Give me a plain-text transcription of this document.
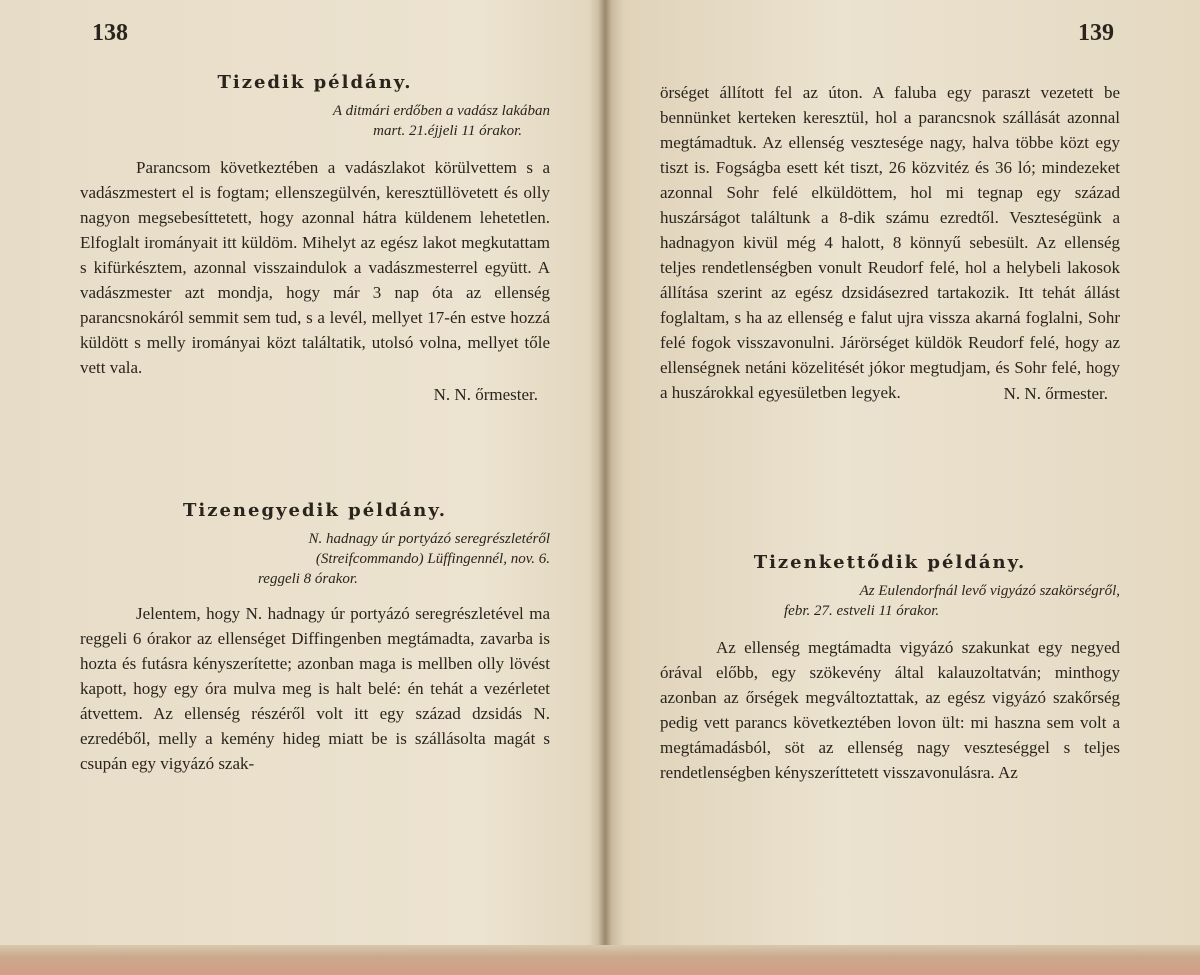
138

Tizedik példány.

A ditmári erdőben a vadász lakában

mart. 21.éjjeli 11 órakor.

Parancsom következtében a vadászlakot körülvettem s a vadászmestert el is fogtam; ellenszegülvén, keresztüllövetett és olly nagyon megsebesíttetett, hogy azonnal hátra küldenem lehetetlen. Elfoglalt irományait itt küldöm. Mihelyt az egész lakot megkutattam s kifürkésztem, azonnal visszaindulok a vadászmesterrel együtt. A vadászmester azt mondja, hogy már 3 nap óta az ellenség parancsnokáról semmit sem tud, s a levél, mellyet 17-én estve hozzá küldött s melly irományai közt találtatik, utolsó volna, mellyet tőle vett vala.

N. N. őrmester.

Tizenegyedik példány.

N. hadnagy úr portyázó seregrészletéről

(Streifcommando) Lüffingennél, nov. 6.

reggeli 8 órakor.

Jelentem, hogy N. hadnagy úr portyázó seregrészletével ma reggeli 6 órakor az ellenséget Diffingenben megtámadta, zavarba is hozta és futásra kényszerítette; azonban maga is mellben olly lövést kapott, hogy egy óra mulva meg is halt belé: én tehát a vezérletet átvettem. Az ellenség részéről volt itt egy század dzsidás N. ezredéből, melly a kemény hideg miatt be is szállásolta magát s csupán egy vigyázó szak-

139

örséget állított fel az úton. A faluba egy paraszt vezetett be bennünket kerteken keresztül, hol a parancsnok szállását azonnal megtámadtuk. Az ellenség vesztesége nagy, halva többe közt egy tiszt is. Fogságba esett két tiszt, 26 közvitéz és 36 ló; mindezeket azonnal Sohr felé elküldöttem, hol mi tegnap egy század huszárságot találtunk a 8-dik számu ezredtől. Veszteségünk a hadnagyon kivül még 4 halott, 8 könnyű sebesült. Az ellenség teljes rendetlenségben vonult Reudorf felé, hol a helybeli lakosok állítása szerint az egész dzsidásezred tartakozik. Itt tehát állást foglaltam, s ha az ellenség e falut ujra vissza akarná foglalni, Sohr felé fogok visszavonulni. Járörséget küldök Reudorf felé, hogy az ellenségnek netáni közelitését jókor megtudjam, és Sohr felé, hogy a huszárokkal egyesületben legyek.	N. N. őrmester.

Tizenkettődik példány.

Az Eulendorfnál levő vigyázó szakörségről,

febr. 27. estveli 11 órakor.

Az ellenség megtámadta vigyázó szakunkat egy negyed órával előbb, egy szökevény által kalauzoltatván; minthogy azonban az őrségek megváltoztattak, az egész vigyázó szakőrség pedig vett parancs következtében lovon ült: mi haszna sem volt a megtámadásból, söt az ellenség nagy veszteséggel s teljes rendetlenségben kényszeríttetett visszavonulásra. Az
